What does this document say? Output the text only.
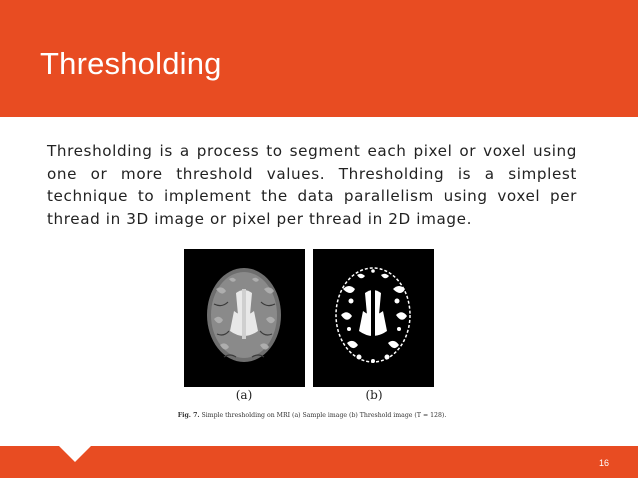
Thresholding

Thresholding is a process to segment each pixel or voxel using one or more threshold values. Thresholding is a simplest technique to implement the data parallelism using voxel per thread in 3D image or pixel per thread in 2D image.

(a)	(b)
Fig. 7. Simple thresholding on MRI (a) Sample image (b) Threshold image (T = 128).
16
